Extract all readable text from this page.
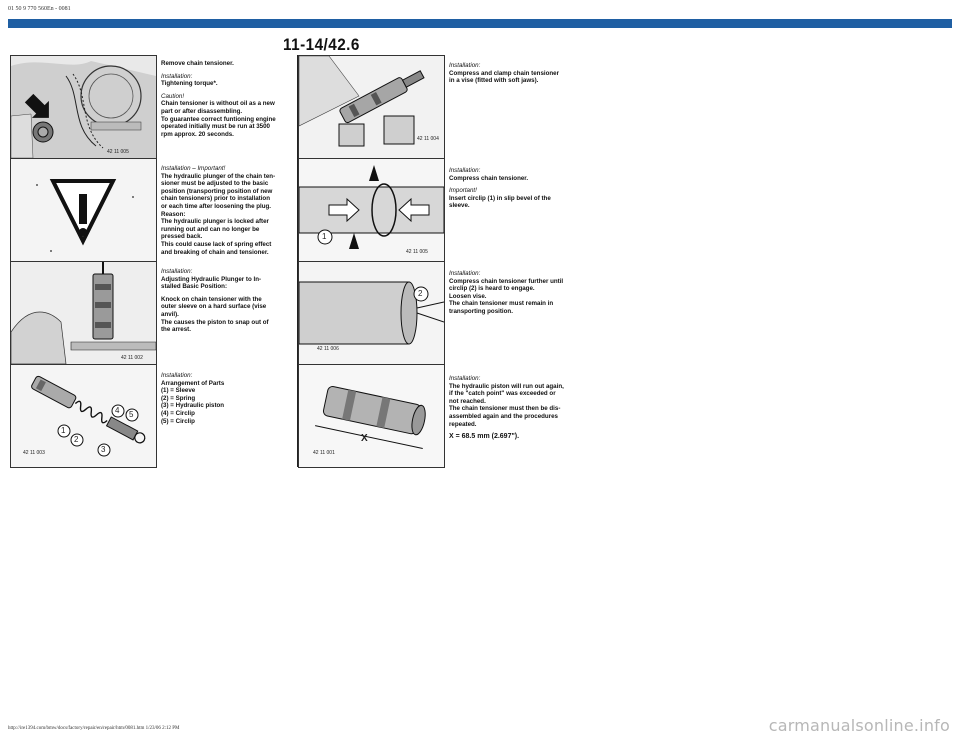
01 50 9 770 560En - 0081
11-14/42.6
42 11 005
42 11 002
1
2
3
4 5
42 11 003

Remove chain tensioner.

Installation:
Tightening torque*.

Caution!
Chain tensioner is without oil as a new
part or after disassembling.
To guarantee correct funtioning engine
operated initially must be run at 3500
rpm approx. 20 seconds.

Installation – Important!
The hydraulic plunger of the chain ten-
sioner must be adjusted to the basic
position (transporting position of new
chain tensioners) prior to installation
or each time after loosening the plug.
Reason:
The hydraulic plunger is locked after
running out and can no longer be
pressed back.
This could cause lack of spring effect
and breaking of chain and tensioner.

Installation:
Adjusting Hydraulic Plunger to In-
stalled Basic Position:

Knock on chain tensioner with the
outer sleeve on a hard surface (vise
anvil).
The causes the piston to snap out of
the arrest.

Installation:
Arrangement of Parts
(1) = Sleeve
(2) = Spring
(3) = Hydraulic piston
(4) = Circlip
(5) = Circlip

42 11 004
1
42 11 005
2
42 11 006
X
42 11 001

Installation:
Compress and clamp chain tensioner
in a vise (fitted with soft jaws).

Installation:
Compress chain tensioner.

Important!
Insert circlip (1) in slip bevel of the
sleeve.

Installation:
Compress chain tensioner further until
circlip (2) is heard to engage.
Loosen vise.
The chain tensioner must remain in
transporting position.

Installation:
The hydraulic piston will run out again,
if the "catch point" was exceeded or
not reached.
The chain tensioner must then be dis-
assembled again and the procedures
repeated.

X = 68.5 mm (2.697").

http://ire1394.com/bmw/docs/factory/repair/en/repair/htm/0081.htm 1/23/06 2:12 PM	carmanualsonline.info
